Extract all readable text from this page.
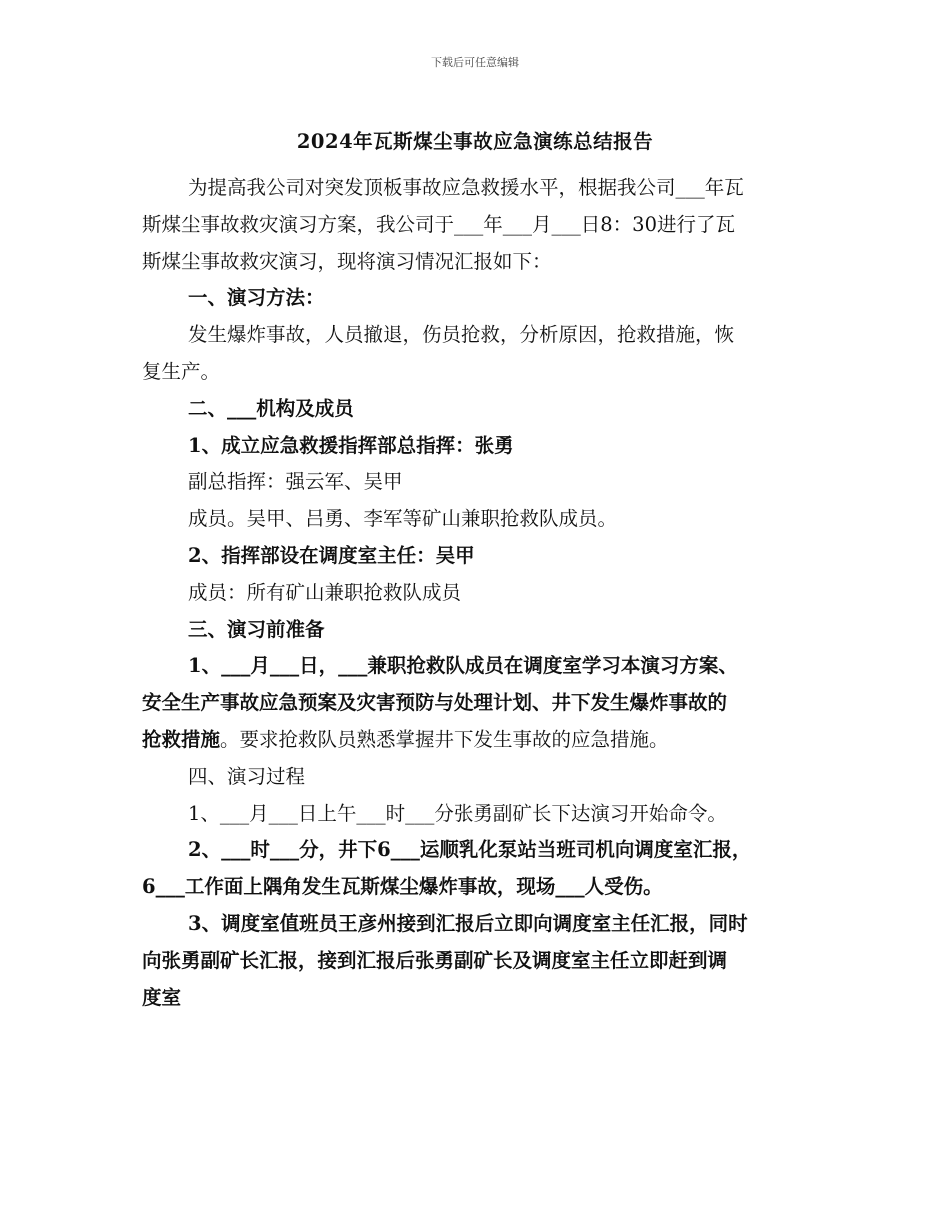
下载后可任意编辑
2024年瓦斯煤尘事故应急演练总结报告

为提高我公司对突发顶板事故应急救援水平，根据我公司___年瓦

斯煤尘事故救灾演习方案，我公司于___年___月___日8：30进行了瓦

斯煤尘事故救灾演习，现将演习情况汇报如下：

一、演习方法：

发生爆炸事故，人员撤退，伤员抢救，分析原因，抢救措施，恢

复生产。

二、___机构及成员

1、成立应急救援指挥部总指挥：张勇

副总指挥：强云军、吴甲

成员。吴甲、吕勇、李军等矿山兼职抢救队成员。

2、指挥部设在调度室主任：吴甲

成员：所有矿山兼职抢救队成员

三、演习前准备

1、___月___日，___兼职抢救队成员在调度室学习本演习方案、

安全生产事故应急预案及灾害预防与处理计划、井下发生爆炸事故的

抢救措施。要求抢救队员熟悉掌握井下发生事故的应急措施。

四、演习过程

1、___月___日上午___时___分张勇副矿长下达演习开始命令。

2、___时___分，井下6___运顺乳化泵站当班司机向调度室汇报，

6___工作面上隅角发生瓦斯煤尘爆炸事故，现场___人受伤。

3、调度室值班员王彦州接到汇报后立即向调度室主任汇报，同时

向张勇副矿长汇报，接到汇报后张勇副矿长及调度室主任立即赶到调

度室
